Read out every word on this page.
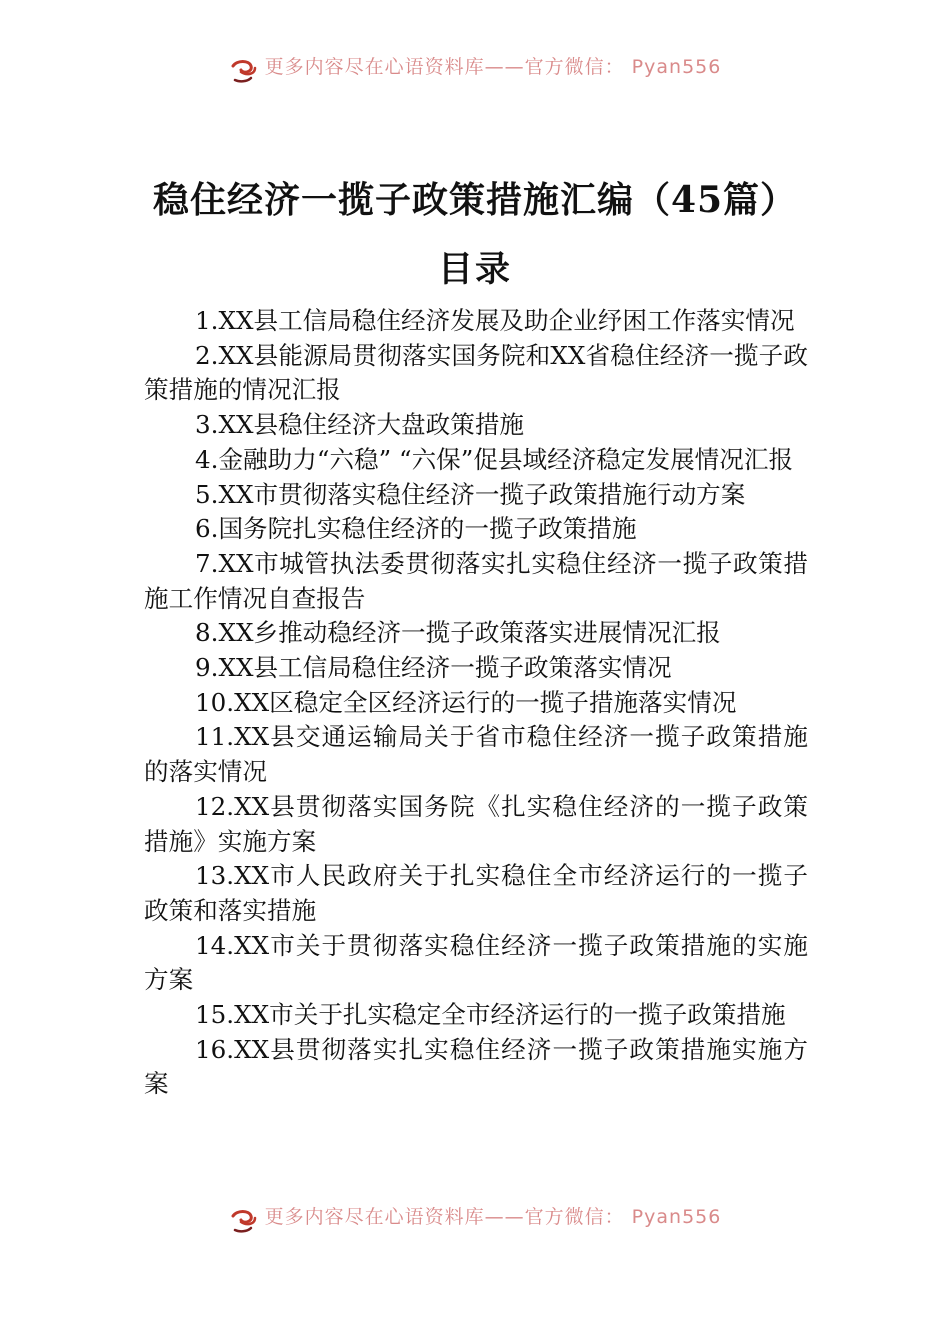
更多内容尽在心语资料库——官方微信： Pyan556
稳住经济一揽子政策措施汇编（45篇）
目录
1.XX县工信局稳住经济发展及助企业纾困工作落实情况
2.XX县能源局贯彻落实国务院和XX省稳住经济一揽子政策措施的情况汇报
3.XX县稳住经济大盘政策措施
4.金融助力“六稳” “六保”促县域经济稳定发展情况汇报
5.XX市贯彻落实稳住经济一揽子政策措施行动方案
6.国务院扎实稳住经济的一揽子政策措施
7.XX市城管执法委贯彻落实扎实稳住经济一揽子政策措施工作情况自查报告
8.XX乡推动稳经济一揽子政策落实进展情况汇报
9.XX县工信局稳住经济一揽子政策落实情况
10.XX区稳定全区经济运行的一揽子措施落实情况
11.XX县交通运输局关于省市稳住经济一揽子政策措施的落实情况
12.XX县贯彻落实国务院《扎实稳住经济的一揽子政策措施》实施方案
13.XX市人民政府关于扎实稳住全市经济运行的一揽子政策和落实措施
14.XX市关于贯彻落实稳住经济一揽子政策措施的实施方案
15.XX市关于扎实稳定全市经济运行的一揽子政策措施
16.XX县贯彻落实扎实稳住经济一揽子政策措施实施方案
更多内容尽在心语资料库——官方微信： Pyan556
